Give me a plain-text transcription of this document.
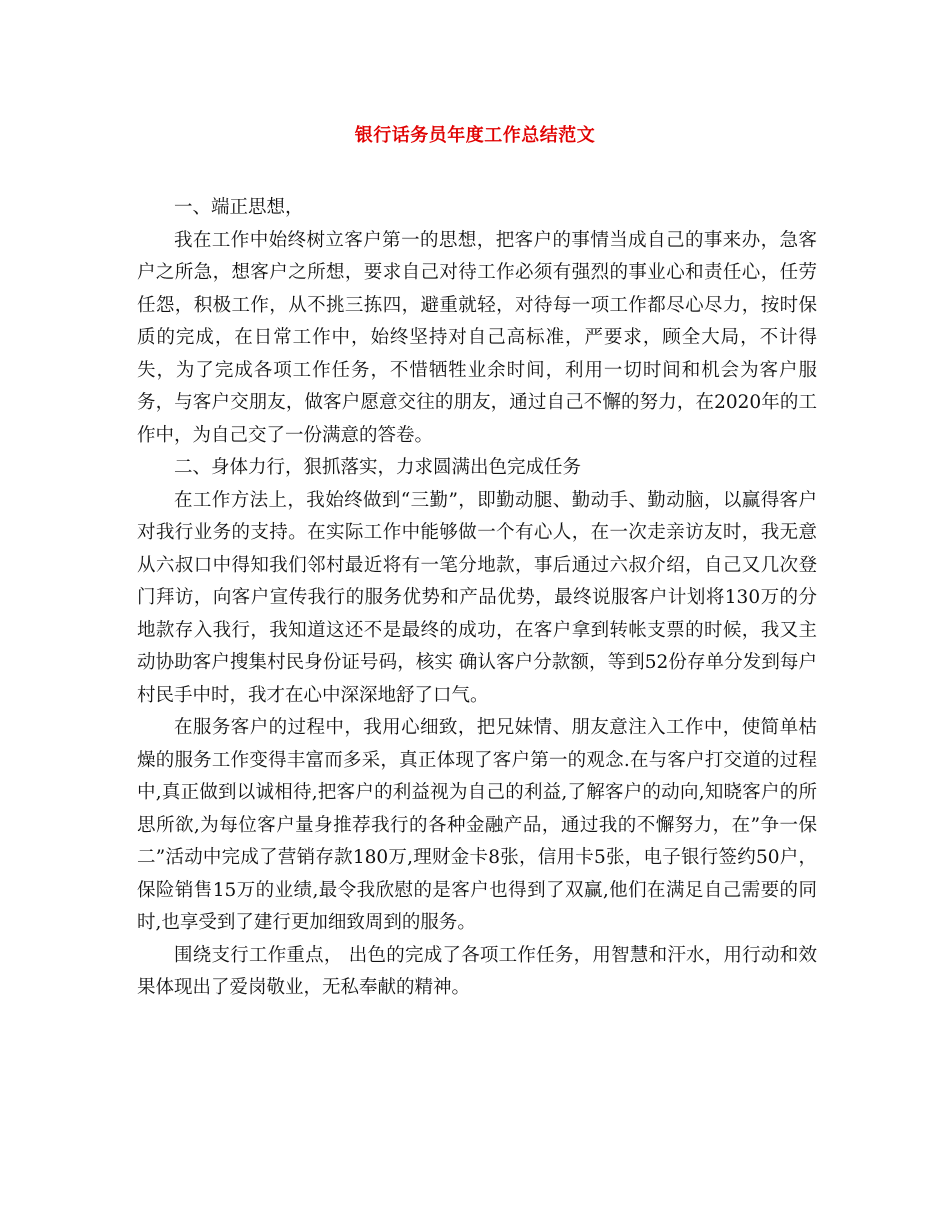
银行话务员年度工作总结范文

一、端正思想，

我在工作中始终树立客户第一的思想，把客户的事情当成自己的事来办，急客户之所急，想客户之所想，要求自己对待工作必须有强烈的事业心和责任心，任劳任怨，积极工作，从不挑三拣四，避重就轻，对待每一项工作都尽心尽力，按时保质的完成，在日常工作中，始终坚持对自己高标准，严要求，顾全大局，不计得失，为了完成各项工作任务，不惜牺牲业余时间，利用一切时间和机会为客户服务，与客户交朋友，做客户愿意交往的朋友，通过自己不懈的努力，在2020年的工作中，为自己交了一份满意的答卷。

二、身体力行，狠抓落实，力求圆满出色完成任务

在工作方法上，我始终做到“三勤”，即勤动腿、勤动手、勤动脑，以赢得客户对我行业务的支持。在实际工作中能够做一个有心人，在一次走亲访友时，我无意从六叔口中得知我们邻村最近将有一笔分地款，事后通过六叔介绍，自己又几次登门拜访，向客户宣传我行的服务优势和产品优势，最终说服客户计划将130万的分地款存入我行，我知道这还不是最终的成功，在客户拿到转帐支票的时候，我又主动协助客户搜集村民身份证号码，核实 确认客户分款额，等到52份存单分发到每户村民手中时，我才在心中深深地舒了口气。

在服务客户的过程中，我用心细致，把兄妹情、朋友意注入工作中，使简单枯燥的服务工作变得丰富而多采，真正体现了客户第一的观念.在与客户打交道的过程中,真正做到以诚相待,把客户的利益视为自己的利益,了解客户的动向,知晓客户的所思所欲,为每位客户量身推荐我行的各种金融产品，通过我的不懈努力，在”争一保二”活动中完成了营销存款180万,理财金卡8张，信用卡5张，电子银行签约50户，保险销售15万的业绩,最令我欣慰的是客户也得到了双赢,他们在满足自己需要的同时,也享受到了建行更加细致周到的服务。

围绕支行工作重点， 出色的完成了各项工作任务，用智慧和汗水，用行动和效果体现出了爱岗敬业，无私奉献的精神。
